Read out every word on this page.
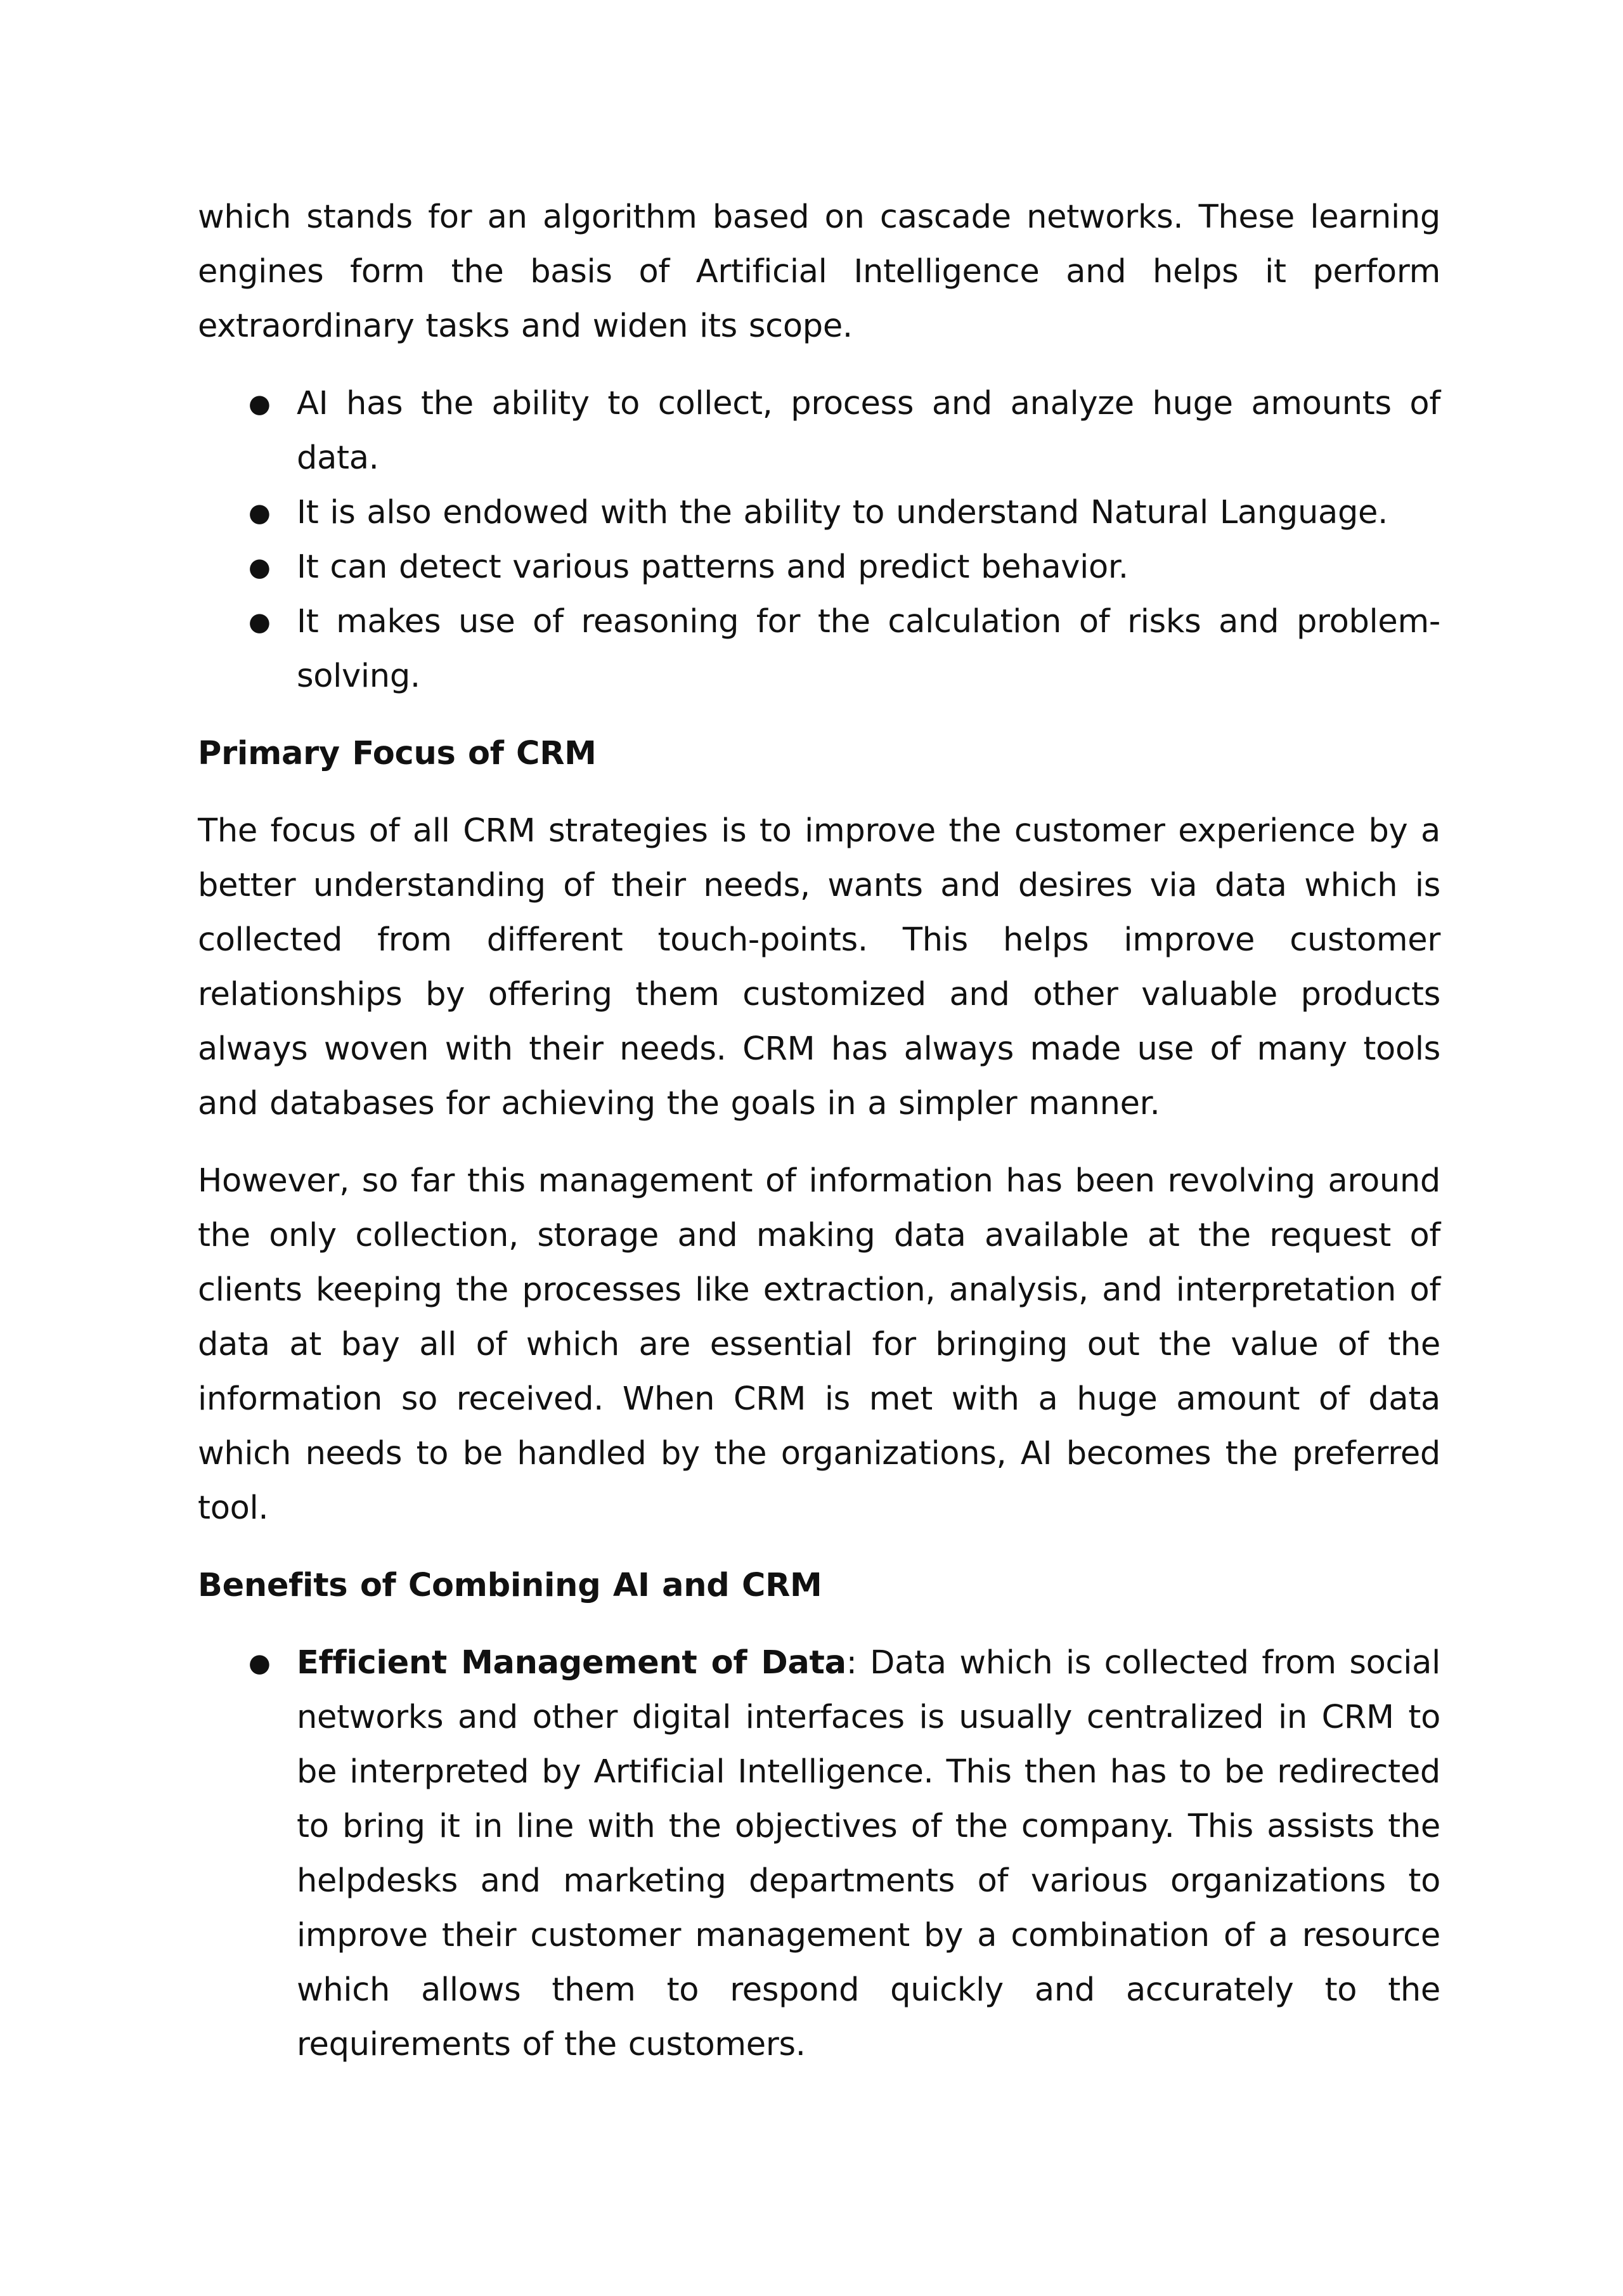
which stands for an algorithm based on cascade networks. These learning engines form the basis of Artificial Intelligence and helps it perform extraordinary tasks and widen its scope.

● AI has the ability to collect, process and analyze huge amounts of data.
● It is also endowed with the ability to understand Natural Language.
● It can detect various patterns and predict behavior.
● It makes use of reasoning for the calculation of risks and problem-solving.
Primary Focus of CRM

The focus of all CRM strategies is to improve the customer experience by a better understanding of their needs, wants and desires via data which is collected from different touch-points. This helps improve customer relationships by offering them customized and other valuable products always woven with their needs. CRM has always made use of many tools and databases for achieving the goals in a simpler manner.

However, so far this management of information has been revolving around the only collection, storage and making data available at the request of clients keeping the processes like extraction, analysis, and interpretation of data at bay all of which are essential for bringing out the value of the information so received. When CRM is met with a huge amount of data which needs to be handled by the organizations, AI becomes the preferred tool.

Benefits of Combining AI and CRM
● Efficient Management of Data: Data which is collected from social networks and other digital interfaces is usually centralized in CRM to be interpreted by Artificial Intelligence. This then has to be redirected to bring it in line with the objectives of the company. This assists the helpdesks and marketing departments of various organizations to improve their customer management by a combination of a resource which allows them to respond quickly and accurately to the requirements of the customers.
